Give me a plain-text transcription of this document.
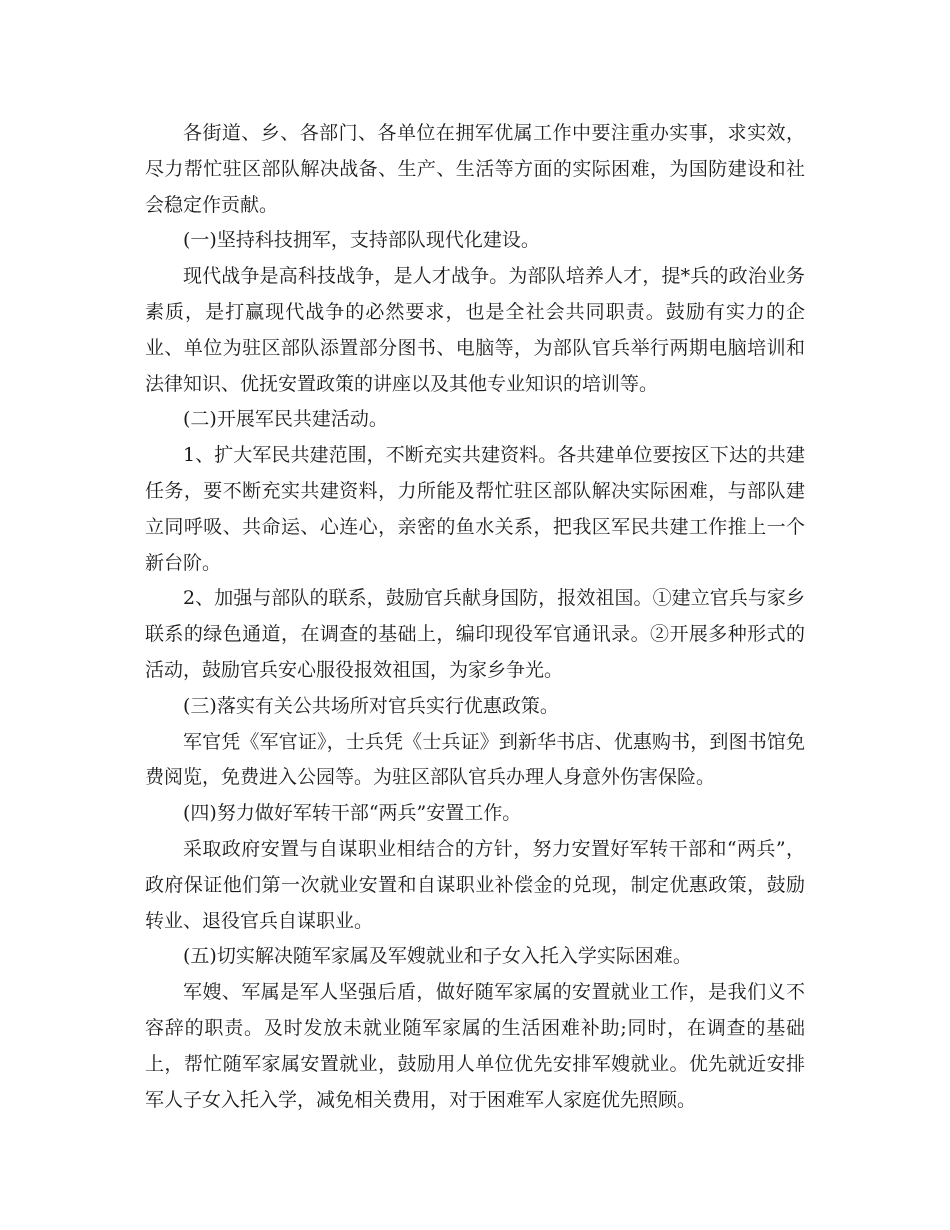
各街道、乡、各部门、各单位在拥军优属工作中要注重办实事，求实效，尽力帮忙驻区部队解决战备、生产、生活等方面的实际困难，为国防建设和社会稳定作贡献。

(一)坚持科技拥军，支持部队现代化建设。

现代战争是高科技战争，是人才战争。为部队培养人才，提*兵的政治业务素质，是打赢现代战争的必然要求，也是全社会共同职责。鼓励有实力的企业、单位为驻区部队添置部分图书、电脑等，为部队官兵举行两期电脑培训和法律知识、优抚安置政策的讲座以及其他专业知识的培训等。

(二)开展军民共建活动。

1、扩大军民共建范围，不断充实共建资料。各共建单位要按区下达的共建任务，要不断充实共建资料，力所能及帮忙驻区部队解决实际困难，与部队建立同呼吸、共命运、心连心，亲密的鱼水关系，把我区军民共建工作推上一个新台阶。

2、加强与部队的联系，鼓励官兵献身国防，报效祖国。①建立官兵与家乡联系的绿色通道，在调查的基础上，编印现役军官通讯录。②开展多种形式的活动，鼓励官兵安心服役报效祖国，为家乡争光。

(三)落实有关公共场所对官兵实行优惠政策。

军官凭《军官证》，士兵凭《士兵证》到新华书店、优惠购书，到图书馆免费阅览，免费进入公园等。为驻区部队官兵办理人身意外伤害保险。

(四)努力做好军转干部“两兵”安置工作。

采取政府安置与自谋职业相结合的方针，努力安置好军转干部和“两兵”，政府保证他们第一次就业安置和自谋职业补偿金的兑现，制定优惠政策，鼓励转业、退役官兵自谋职业。

(五)切实解决随军家属及军嫂就业和子女入托入学实际困难。

军嫂、军属是军人坚强后盾，做好随军家属的安置就业工作，是我们义不容辞的职责。及时发放未就业随军家属的生活困难补助;同时，在调查的基础上，帮忙随军家属安置就业，鼓励用人单位优先安排军嫂就业。优先就近安排军人子女入托入学，减免相关费用，对于困难军人家庭优先照顾。
